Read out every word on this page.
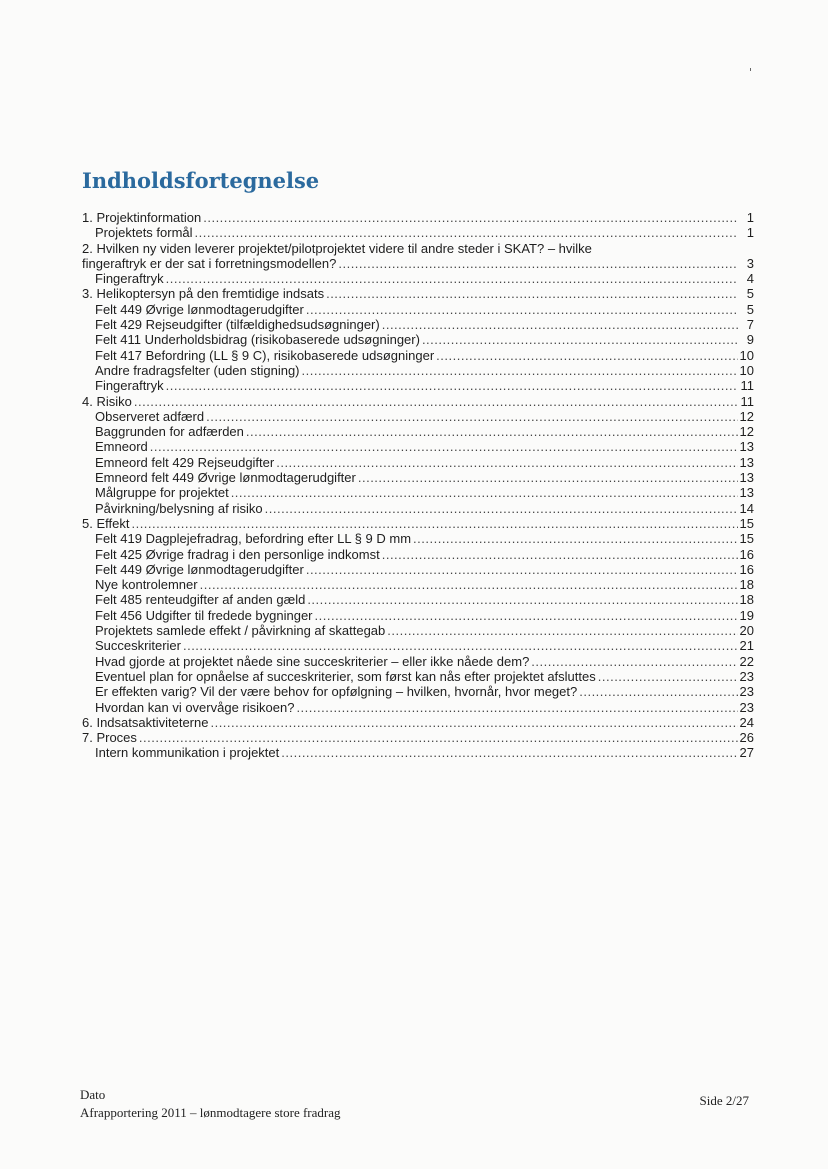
Indholdsfortegnelse
1. Projektinformation .....	1
Projektets formål .....	1
2. Hvilken ny viden leverer projektet/pilotprojektet videre til andre steder i SKAT? – hvilke
fingeraftryk er der sat i forretningsmodellen? .....	3
Fingeraftryk .....	4
3. Helikoptersyn på den fremtidige indsats .....	5
Felt 449 Øvrige lønmodtagerudgifter .....	5
Felt 429 Rejseudgifter (tilfældighedsudsøgninger) .....	7
Felt 411 Underholdsbidrag (risikobaserede udsøgninger) .....	9
Felt 417 Befordring (LL § 9 C), risikobaserede udsøgninger .....	10
Andre fradragsfelter (uden stigning) .....	10
Fingeraftryk .....	11
4. Risiko .....	11
Observeret adfærd .....	12
Baggrunden for adfærden .....	12
Emneord .....	13
Emneord felt 429 Rejseudgifter .....	13
Emneord felt 449 Øvrige lønmodtagerudgifter .....	13
Målgruppe for projektet .....	13
Påvirkning/belysning af risiko .....	14
5. Effekt .....	15
Felt 419 Dagplejefradrag, befordring efter LL § 9 D mm .....	15
Felt 425 Øvrige fradrag i den personlige indkomst .....	16
Felt 449 Øvrige lønmodtagerudgifter .....	16
Nye kontrolemner .....	18
Felt 485 renteudgifter af anden gæld .....	18
Felt 456 Udgifter til fredede bygninger .....	19
Projektets samlede effekt / påvirkning af skattegab .....	20
Succeskriterier .....	21
Hvad gjorde at projektet nåede sine succeskriterier – eller ikke nåede dem? .....	22
Eventuel plan for opnåelse af succeskriterier, som først kan nås efter projektet afsluttes .....	23
Er effekten varig? Vil der være behov for opfølgning – hvilken, hvornår, hvor meget? .....	23
Hvordan kan vi overvåge risikoen? .....	23
6. Indsatsaktiviteterne .....	24
7. Proces .....	26
Intern kommunikation i projektet .....	27
Dato
Afrapportering 2011 – lønmodtagere store fradrag
Side 2/27
